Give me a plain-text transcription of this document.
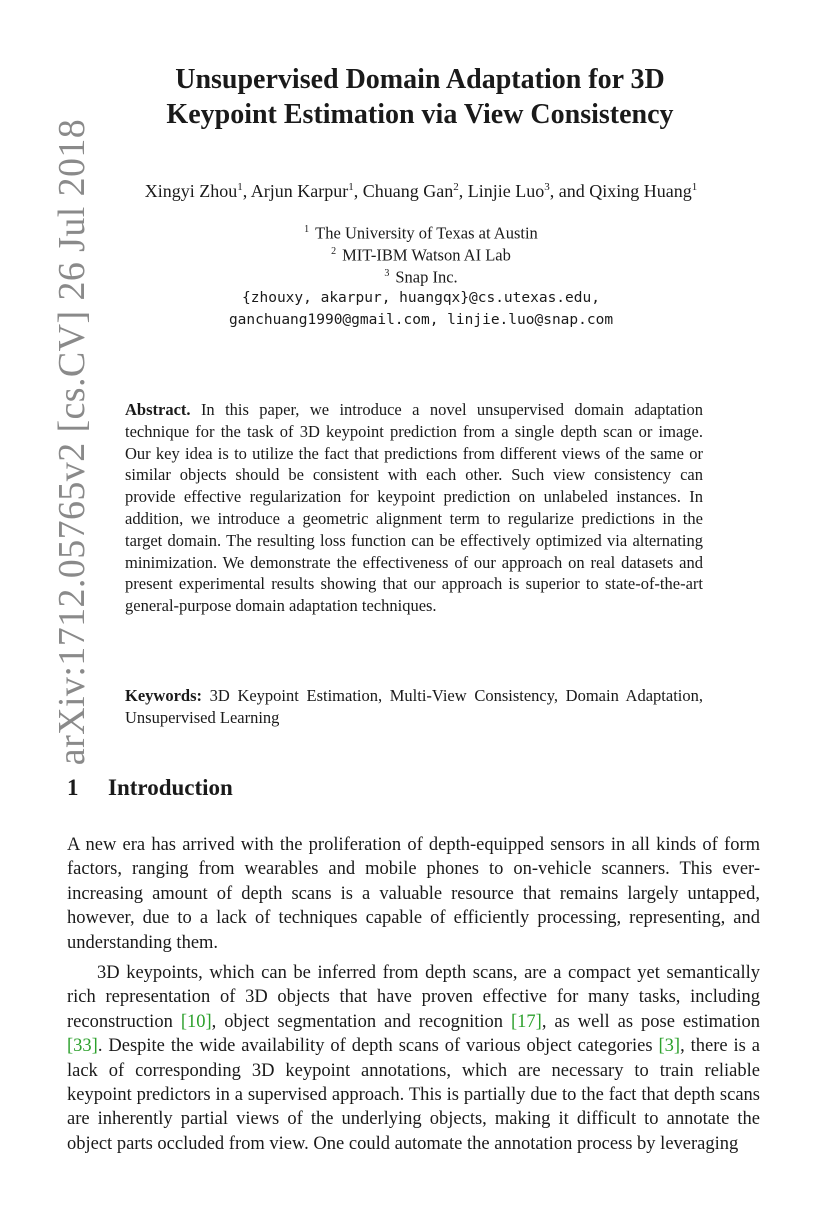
arXiv:1712.05765v2 [cs.CV] 26 Jul 2018
Unsupervised Domain Adaptation for 3D
Keypoint Estimation via View Consistency
Xingyi Zhou$^1$, Arjun Karpur$^1$, Chuang Gan$^2$, Linjie Luo$^3$, and Qixing Huang$^1$
$^1$ The University of Texas at Austin
$^2$ MIT-IBM Watson AI Lab
$^3$ Snap Inc.
{zhouxy, akarpur, huangqx}@cs.utexas.edu,
ganchuang1990@gmail.com, linjie.luo@snap.com
Abstract. In this paper, we introduce a novel unsupervised domain adaptation technique for the task of 3D keypoint prediction from a single depth scan or image. Our key idea is to utilize the fact that predictions from different views of the same or similar objects should be consistent with each other. Such view consistency can provide effective regularization for keypoint prediction on unlabeled instances. In addition, we introduce a geometric alignment term to regularize predictions in the target domain. The resulting loss function can be effectively optimized via alternating minimization. We demonstrate the effectiveness of our approach on real datasets and present experimental results showing that our approach is superior to state-of-the-art general-purpose domain adaptation techniques.
Keywords: 3D Keypoint Estimation, Multi-View Consistency, Domain Adaptation, Unsupervised Learning
1 Introduction
A new era has arrived with the proliferation of depth-equipped sensors in all kinds of form factors, ranging from wearables and mobile phones to on-vehicle scanners. This ever-increasing amount of depth scans is a valuable resource that remains largely untapped, however, due to a lack of techniques capable of efficiently processing, representing, and understanding them.
3D keypoints, which can be inferred from depth scans, are a compact yet semantically rich representation of 3D objects that have proven effective for many tasks, including reconstruction [10], object segmentation and recognition [17], as well as pose estimation [33]. Despite the wide availability of depth scans of various object categories [3], there is a lack of corresponding 3D keypoint annotations, which are necessary to train reliable keypoint predictors in a supervised approach. This is partially due to the fact that depth scans are inherently partial views of the underlying objects, making it difficult to annotate the object parts occluded from view. One could automate the annotation process by leveraging
